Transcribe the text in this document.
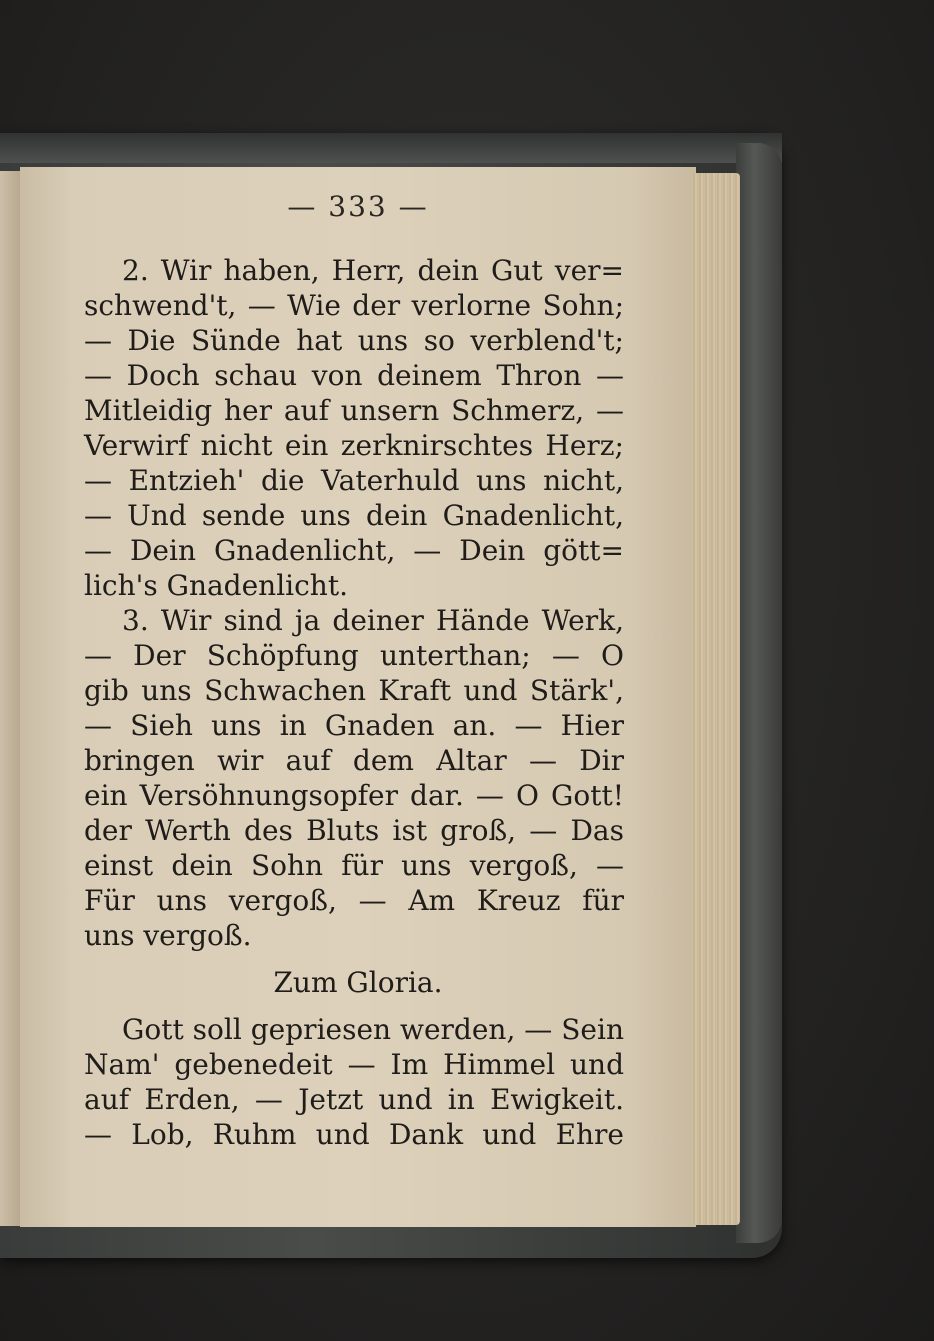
— 333 —
2. Wir haben, Herr, dein Gut ver=
schwend't, — Wie der verlorne Sohn;
— Die Sünde hat uns so verblend't;
— Doch schau von deinem Thron —
Mitleidig her auf unsern Schmerz, —
Verwirf nicht ein zerknirschtes Herz;
— Entzieh' die Vaterhuld uns nicht,
— Und sende uns dein Gnadenlicht,
— Dein Gnadenlicht, — Dein gött=
lich's Gnadenlicht.
3. Wir sind ja deiner Hände Werk,
— Der Schöpfung unterthan; — O
gib uns Schwachen Kraft und Stärk',
— Sieh uns in Gnaden an. — Hier
bringen wir auf dem Altar — Dir
ein Versöhnungsopfer dar. — O Gott!
der Werth des Bluts ist groß, — Das
einst dein Sohn für uns vergoß, —
Für uns vergoß, — Am Kreuz für
uns vergoß.
Gott soll gepriesen werden, — Sein
Nam' gebenedeit — Im Himmel und
auf Erden, — Jetzt und in Ewigkeit.
— Lob, Ruhm und Dank und Ehre
Zum Gloria.
